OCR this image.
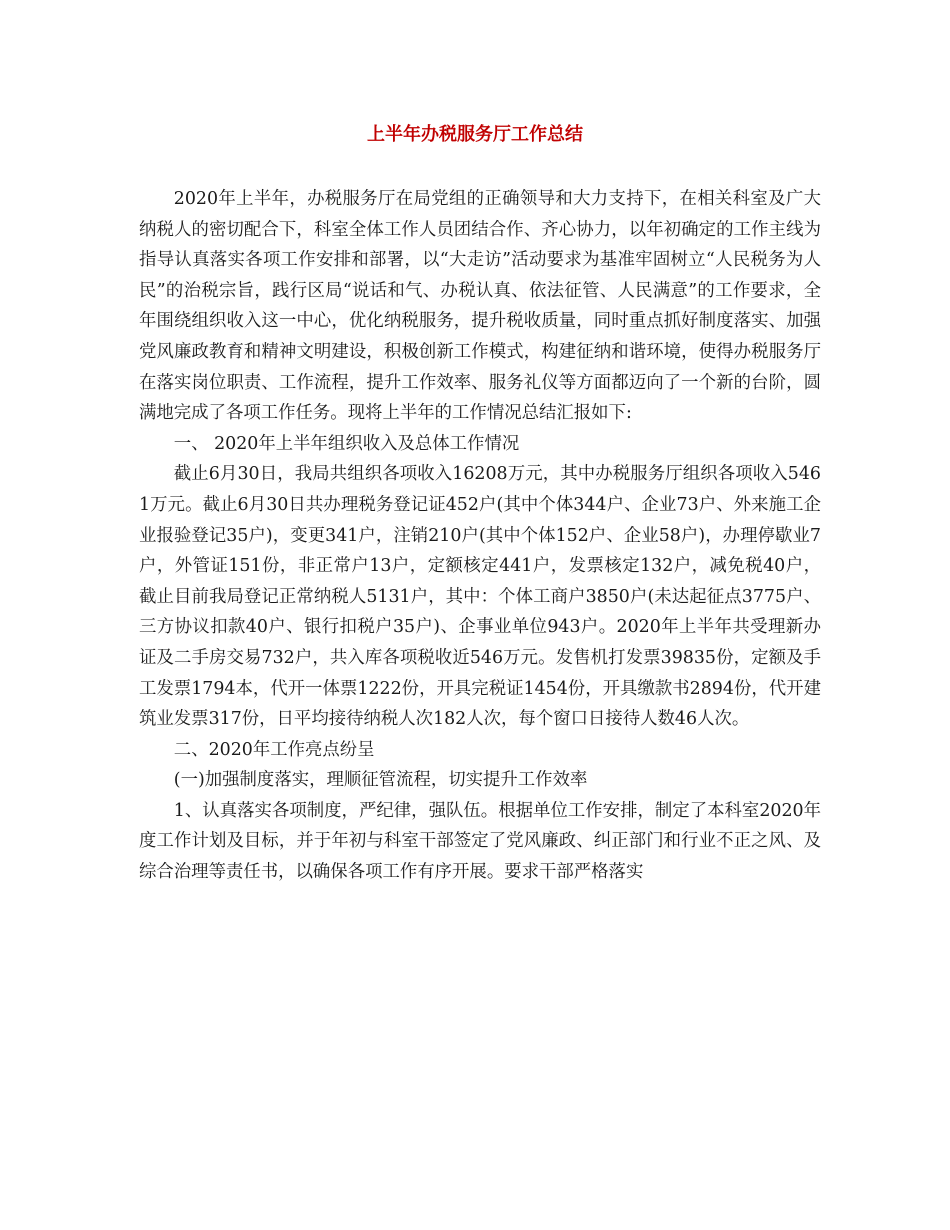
上半年办税服务厅工作总结

2020年上半年，办税服务厅在局党组的正确领导和大力支持下，在相关科室及广大纳税人的密切配合下，科室全体工作人员团结合作、齐心协力，以年初确定的工作主线为指导认真落实各项工作安排和部署，以“大走访”活动要求为基准牢固树立“人民税务为人民”的治税宗旨，践行区局“说话和气、办税认真、依法征管、人民满意”的工作要求，全年围绕组织收入这一中心，优化纳税服务，提升税收质量，同时重点抓好制度落实、加强党风廉政教育和精神文明建设，积极创新工作模式，构建征纳和谐环境，使得办税服务厅在落实岗位职责、工作流程，提升工作效率、服务礼仪等方面都迈向了一个新的台阶，圆满地完成了各项工作任务。现将上半年的工作情况总结汇报如下:

一、 2020年上半年组织收入及总体工作情况

截止6月30日，我局共组织各项收入16208万元，其中办税服务厅组织各项收入5461万元。截止6月30日共办理税务登记证452户(其中个体344户、企业73户、外来施工企业报验登记35户)，变更341户，注销210户(其中个体152户、企业58户)，办理停歇业7户，外管证151份，非正常户13户，定额核定441户，发票核定132户，减免税40户，截止目前我局登记正常纳税人5131户，其中：个体工商户3850户(未达起征点3775户、三方协议扣款40户、银行扣税户35户)、企事业单位943户。2020年上半年共受理新办证及二手房交易732户，共入库各项税收近546万元。发售机打发票39835份，定额及手工发票1794本，代开一体票1222份，开具完税证1454份，开具缴款书2894份，代开建筑业发票317份，日平均接待纳税人次182人次，每个窗口日接待人数46人次。

二、2020年工作亮点纷呈

(一)加强制度落实，理顺征管流程，切实提升工作效率

1、认真落实各项制度，严纪律，强队伍。根据单位工作安排，制定了本科室2020年度工作计划及目标，并于年初与科室干部签定了党风廉政、纠正部门和行业不正之风、及综合治理等责任书，以确保各项工作有序开展。要求干部严格落实
